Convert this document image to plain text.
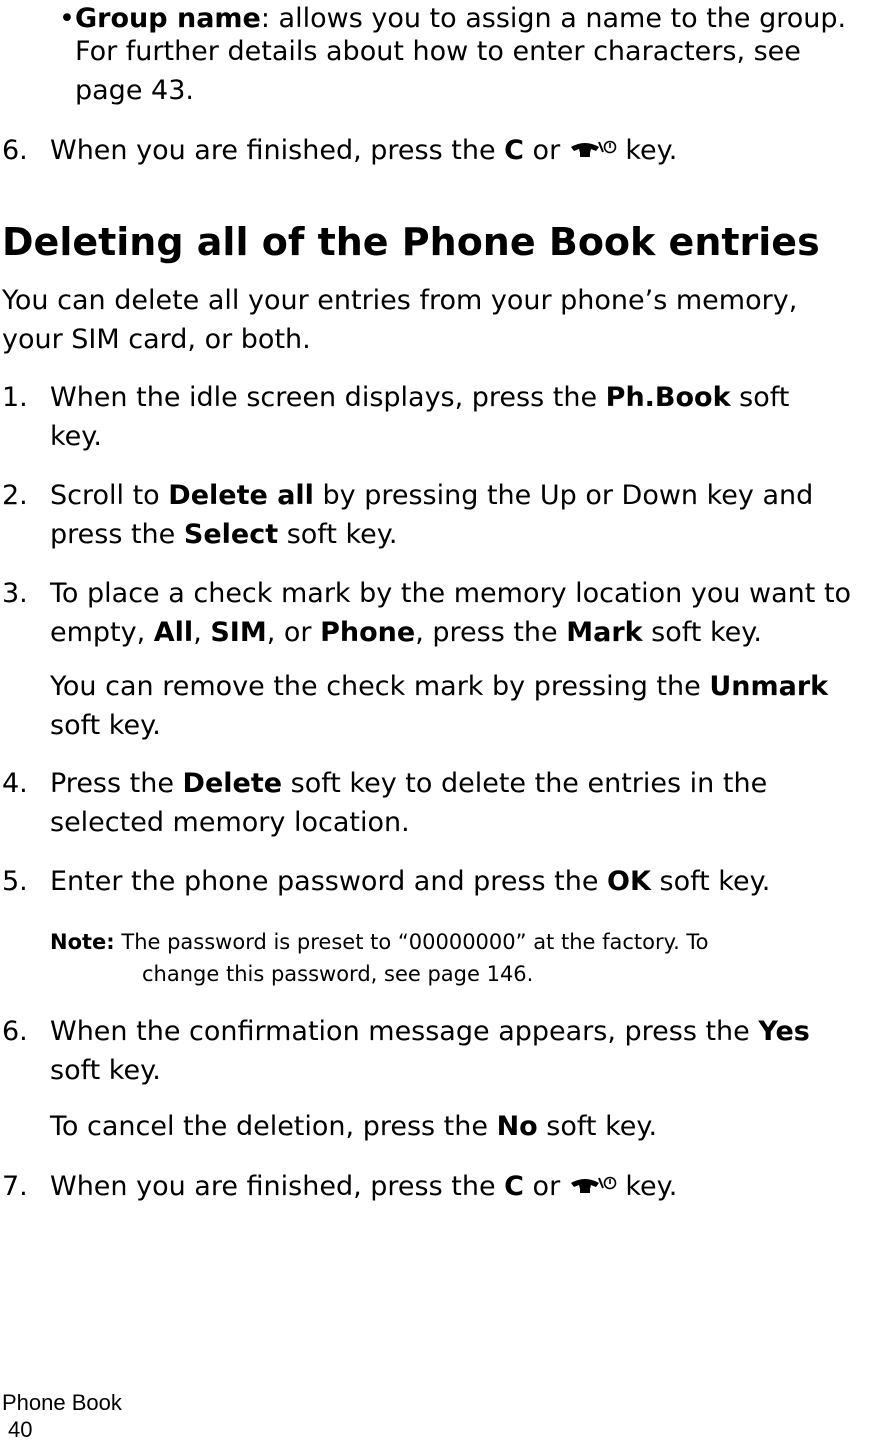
• Group name: allows you to assign a name to the group.
For further details about how to enter characters, see
page 43.
6. When you are finished, press the C or  key.
Deleting all of the Phone Book entries
You can delete all your entries from your phone’s memory,
your SIM card, or both.
1. When the idle screen displays, press the Ph.Book soft
key.
2. Scroll to Delete all by pressing the Up or Down key and
press the Select soft key.
3. To place a check mark by the memory location you want to
empty, All, SIM, or Phone, press the Mark soft key.
You can remove the check mark by pressing the Unmark
soft key.
4. Press the Delete soft key to delete the entries in the
selected memory location.
5. Enter the phone password and press the OK soft key.
Note: The password is preset to “00000000” at the factory. To
change this password, see page 146.
6. When the confirmation message appears, press the Yes
soft key.
To cancel the deletion, press the No soft key.
7. When you are finished, press the C or  key.
Phone Book
40
